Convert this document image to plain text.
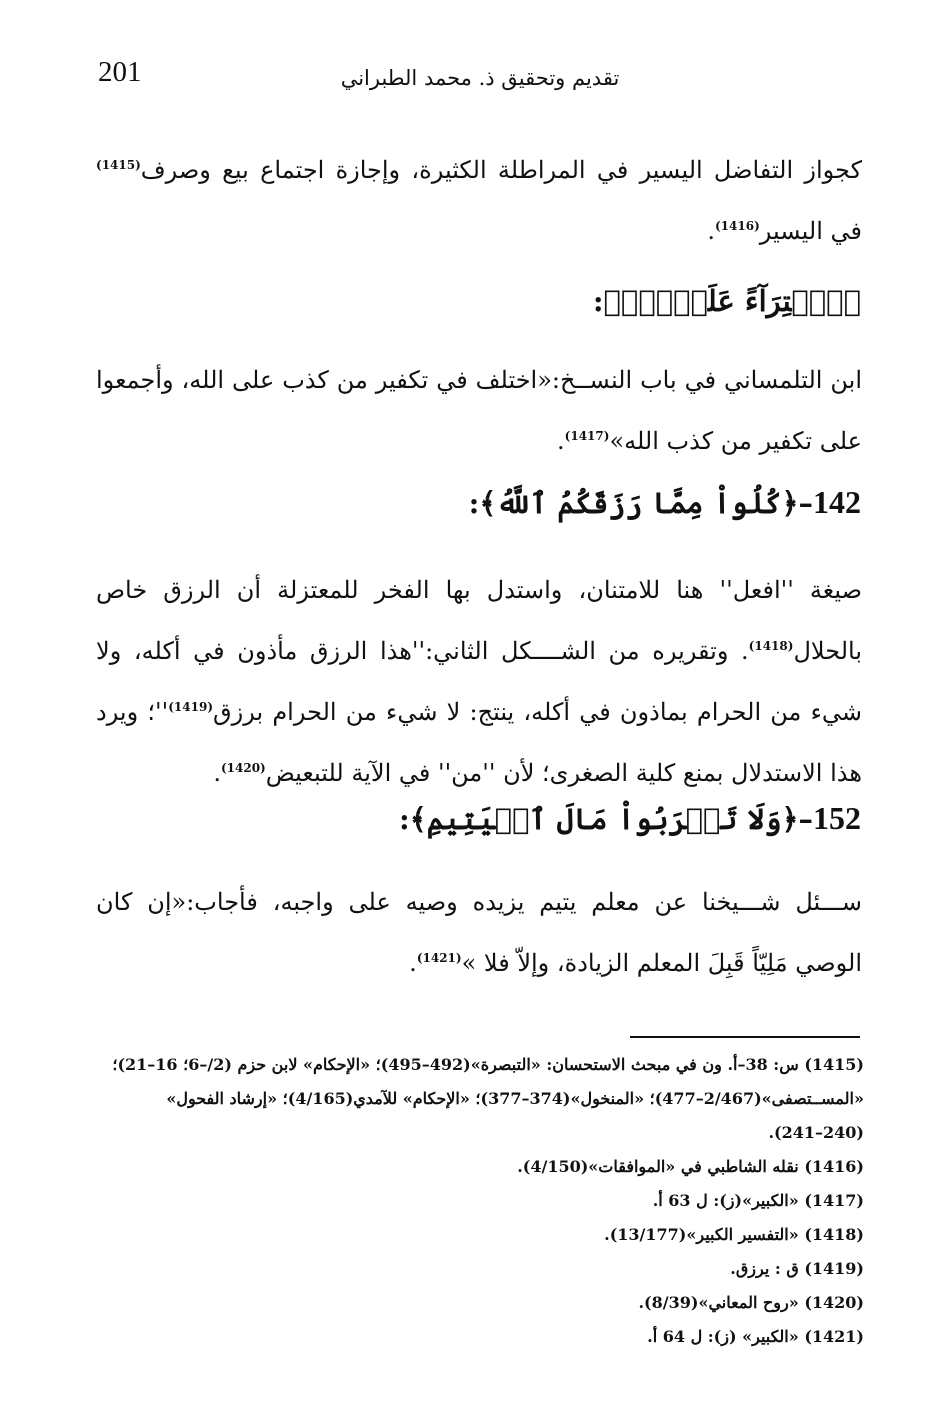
201	تقديم وتحقيق ذ. محمد الطبراني
كجواز التفاضل اليسير في المراطلة الكثيرة، وإجازة اجتماع بيع وصرف$^{(1415)}$ في اليسير$^{(1416)}$.
﴿ٱفۡتِرَآءً عَلَيۡهِۚ﴾:
ابن التلمساني في باب النســخ:«اختلف في تكفير من كذب على الله، وأجمعوا على تكفير من كذب الله»$^{(1417)}$.
142–﴿كُلُواْ مِمَّا رَزَقَكُمُ ٱللَّهُ﴾:
صيغة ''افعل'' هنا للامتنان، واستدل بها الفخر للمعتزلة أن الرزق خاص بالحلال$^{(1418)}$. وتقريره من الشــــكل الثاني:''هذا الرزق مأذون في أكله، ولا شيء من الحرام بماذون في أكله، ينتج: لا شيء من الحرام برزق$^{(1419)}$''؛ ويرد هذا الاستدلال بمنع كلية الصغرى؛ لأن ''من'' في الآية للتبعيض$^{(1420)}$.
152–﴿وَلَا تَقۡرَبُواْ مَالَ ٱلۡيَتِيمِ﴾:
ســـئل شـــيخنا عن معلم يتيم يزيده وصيه على واجبه، فأجاب:«إن كان الوصي مَلِيّاً قَبِلَ المعلم الزيادة، وإلاّ فلا »$^{(1421)}$.

(1415) س: 38–أ. ون في مبحث الاستحسان: «التبصرة»(492–495)؛ «الإحكام» لابن حزم (2/–6؛ 16–21)؛

«المســتصفى»(2/467–477)؛ «المنخول»(374–377)؛ «الإحكام» للآمدي(4/165)؛ «إرشاد الفحول»

(240–241).

(1416) نقله الشاطبي في «الموافقات»(4/150).

(1417) «الكبير»(ز): ل 63 أ.

(1418) «التفسير الكبير»(13/177).

(1419) ق : يرزق.

(1420) «روح المعاني»(8/39).

(1421) «الكبير» (ز): ل 64 أ.
